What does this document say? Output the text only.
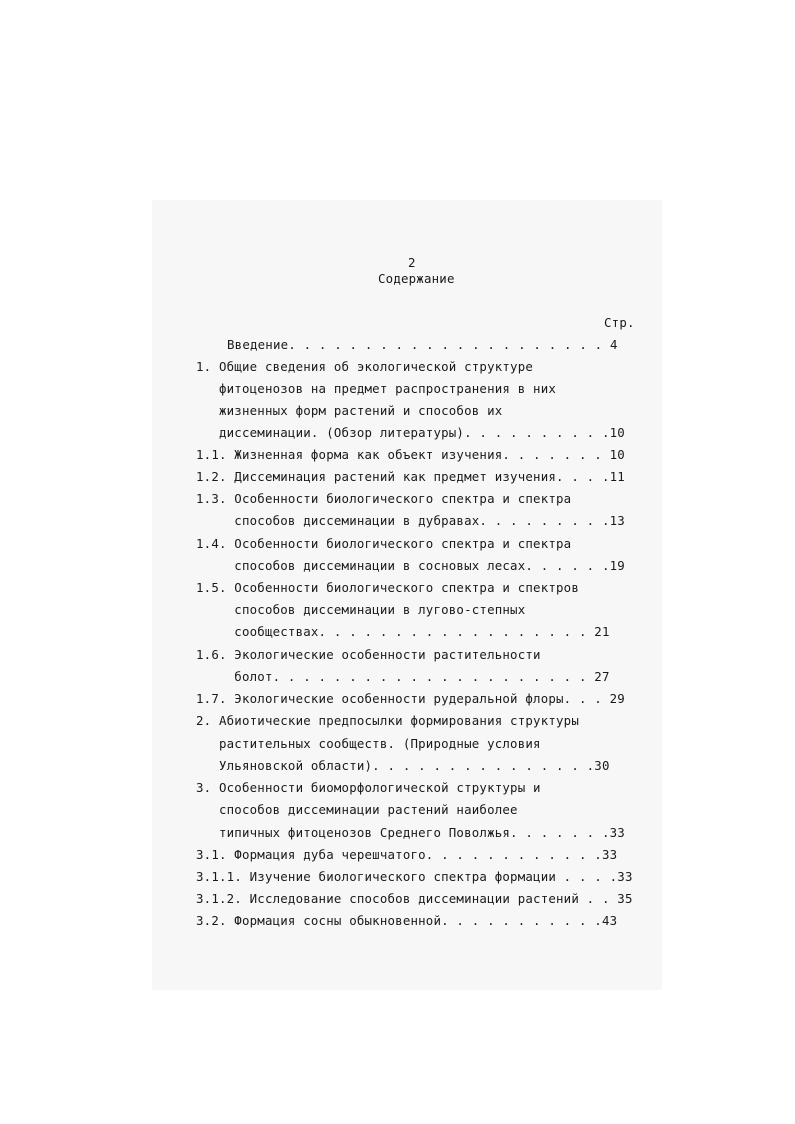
2
Содержание
Стр.
Введение. . . . . . . . . . . . . . . . . . . . . 4
1. Общие сведения об экологической структуре
фитоценозов на предмет распространения в них
жизненных форм растений и способов их
диссеминации. (Обзор литературы). . . . . . . . . .10
1.1. Жизненная форма как объект изучения. . . . . . . 10
1.2. Диссеминация растений как предмет изучения. . . .11
1.3. Особенности биологического спектра и спектра
способов диссеминации в дубравах. . . . . . . . .13
1.4. Особенности биологического спектра и спектра
способов диссеминации в сосновых лесах. . . . . .19
1.5. Особенности биологического спектра и спектров
способов диссеминации в лугово-степных
сообществах. . . . . . . . . . . . . . . . . . 21
1.6. Экологические особенности растительности
болот. . . . . . . . . . . . . . . . . . . . . 27
1.7. Экологические особенности рудеральной флоры. . . 29
2. Абиотические предпосылки формирования структуры
растительных сообществ. (Природные условия
Ульяновской области). . . . . . . . . . . . . . .30
3. Особенности биоморфологической структуры и
способов диссеминации растений наиболее
типичных фитоценозов Среднего Поволжья. . . . . . .33
3.1. Формация дуба черешчатого. . . . . . . . . . . .33
3.1.1. Изучение биологического спектра формации . . . .33
3.1.2. Исследование способов диссеминации растений . . 35
3.2. Формация сосны обыкновенной. . . . . . . . . . .43
